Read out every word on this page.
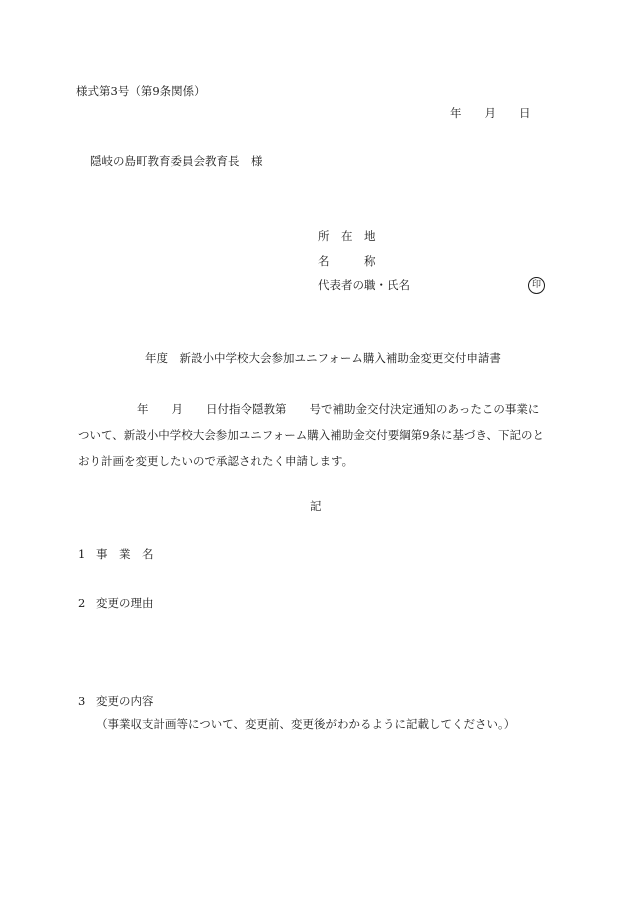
様式第3号（第9条関係）
年　　月　　日
隠岐の島町教育委員会教育長　様
所　在　地
名　　　称
代表者の職・氏名	印
年度　新設小中学校大会参加ユニフォーム購入補助金変更交付申請書
年　　月　　日付指令隠教第　　号で補助金交付決定通知のあったこの事業に
ついて、新設小中学校大会参加ユニフォーム購入補助金交付要綱第9条に基づき、下記のと
おり計画を変更したいので承認されたく申請します。
記
1 事　業　名
2 変更の理由
3 変更の内容
（事業収支計画等について、変更前、変更後がわかるように記載してください。）
